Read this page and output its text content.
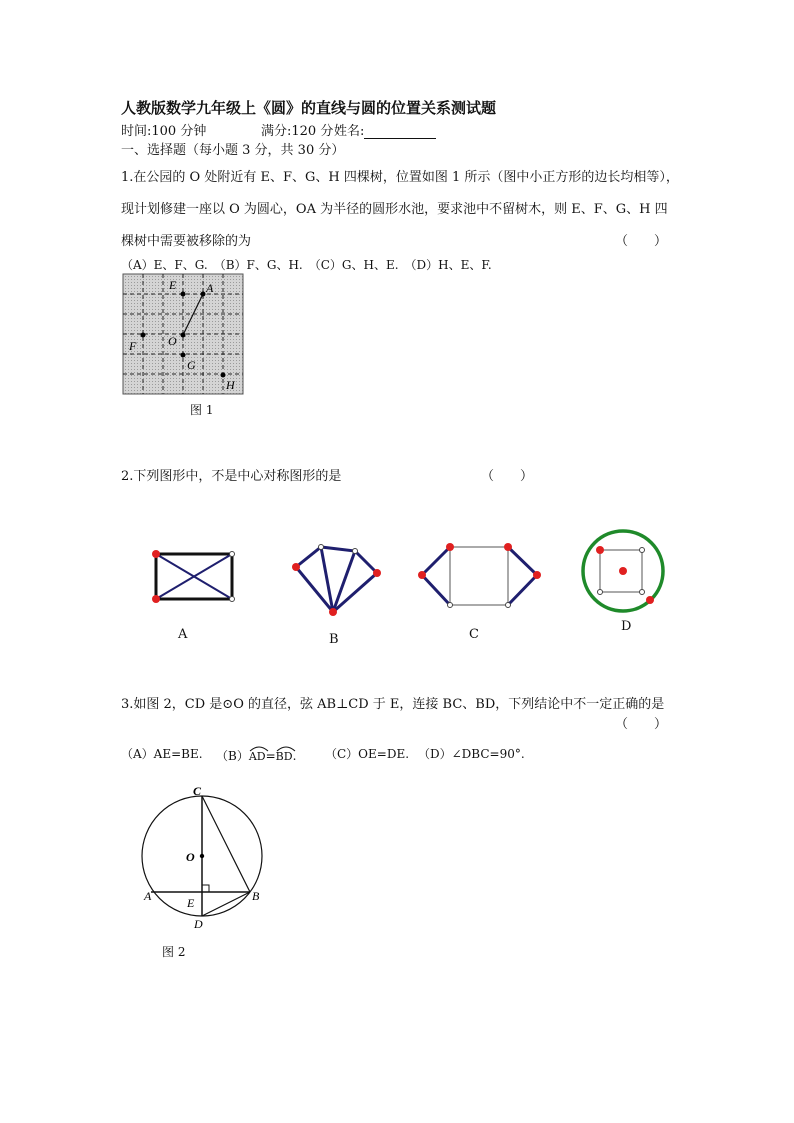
人教版数学九年级上《圆》的直线与圆的位置关系测试题
时间:100 分钟	满分:120 分 姓名:
一、选择题（每小题 3 分，共 30 分）
1.在公园的 O 处附近有 E、F、G、H 四棵树，位置如图 1 所示（图中小正方形的边长均相等），
现计划修建一座以 O 为圆心，OA 为半径的圆形水池，要求池中不留树木，则 E、F、G、H 四
棵树中需要被移除的为	（　　）
（A）E、F、G.　（B）F、G、H.　（C）G、H、E.　（D）H、E、F.
E A
F	O
G
H
图 1
2.下列图形中，不是中心对称图形的是	（　　）
A	B	C
D
3.如图 2，CD 是⊙O 的直径，弦 AB⊥CD 于 E，连接 BC、BD，下列结论中不一定正确的是
（　　）
（A）AE=BE. （B）
AD=
BD. （C）OE=DE. （D）∠DBC=90°.
C
O
A	E	B
D
图 2
